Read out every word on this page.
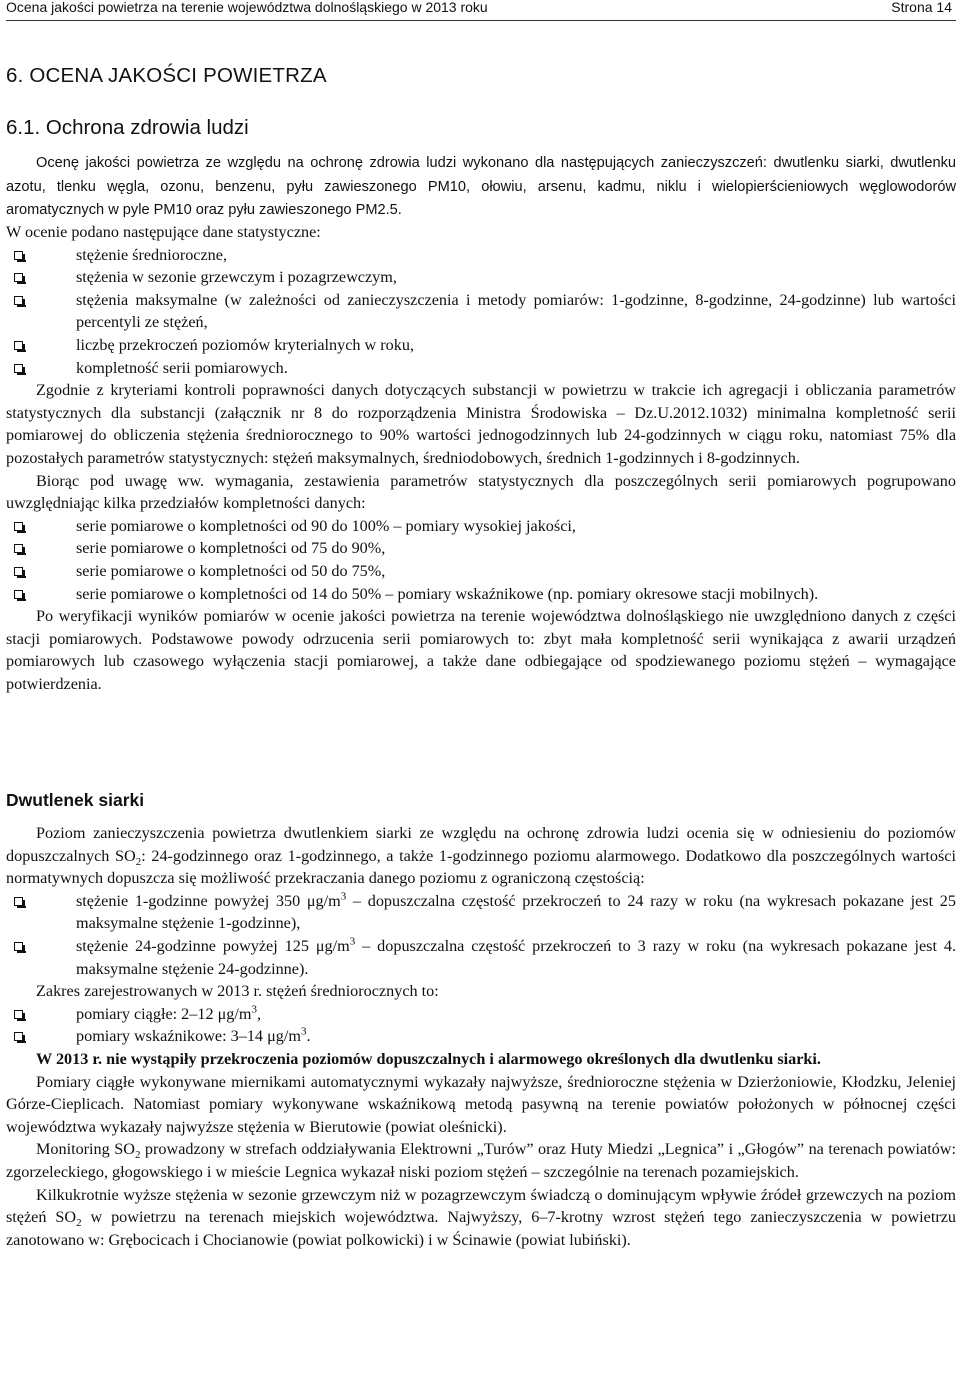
Ocena jakości powietrza na terenie województwa dolnośląskiego w 2013 roku	Strona 14
6. OCENA JAKOŚCI POWIETRZA
6.1. Ochrona zdrowia ludzi

Ocenę jakości powietrza ze względu na ochronę zdrowia ludzi wykonano dla następujących zanieczyszczeń: dwutlenku siarki, dwutlenku azotu, tlenku węgla, ozonu, benzenu, pyłu zawieszonego PM10, ołowiu, arsenu, kadmu, niklu i wielopierścieniowych węglowodorów aromatycznych w pyle PM10 oraz pyłu zawieszonego PM2.5.

W ocenie podano następujące dane statystyczne:

stężenie średnioroczne,
stężenia w sezonie grzewczym i pozagrzewczym,
stężenia maksymalne (w zależności od zanieczyszczenia i metody pomiarów: 1-godzinne, 8-godzinne, 24-godzinne) lub wartości percentyli ze stężeń,
liczbę przekroczeń poziomów kryterialnych w roku,
kompletność serii pomiarowych.

Zgodnie z kryteriami kontroli poprawności danych dotyczących substancji w powietrzu w trakcie ich agregacji i obliczania parametrów statystycznych dla substancji (załącznik nr 8 do rozporządzenia Ministra Środowiska – Dz.U.2012.1032) minimalna kompletność serii pomiarowej do obliczenia stężenia średniorocznego to 90% wartości jednogodzinnych lub 24-godzinnych w ciągu roku, natomiast 75% dla pozostałych parametrów statystycznych: stężeń maksymalnych, średniodobowych, średnich 1-godzinnych i 8-godzinnych.

Biorąc pod uwagę ww. wymagania, zestawienia parametrów statystycznych dla poszczególnych serii pomiarowych pogrupowano uwzględniając kilka przedziałów kompletności danych:

serie pomiarowe o kompletności od 90 do 100% – pomiary wysokiej jakości,
serie pomiarowe o kompletności od 75 do 90%,
serie pomiarowe o kompletności od 50 do 75%,
serie pomiarowe o kompletności od 14 do 50% – pomiary wskaźnikowe (np. pomiary okresowe stacji mobilnych).

Po weryfikacji wyników pomiarów w ocenie jakości powietrza na terenie województwa dolnośląskiego nie uwzględniono danych z części stacji pomiarowych. Podstawowe powody odrzucenia serii pomiarowych to: zbyt mała kompletność serii wynikająca z awarii urządzeń pomiarowych lub czasowego wyłączenia stacji pomiarowej, a także dane odbiegające od spodziewanego poziomu stężeń – wymagające potwierdzenia.

Dwutlenek siarki

Poziom zanieczyszczenia powietrza dwutlenkiem siarki ze względu na ochronę zdrowia ludzi ocenia się w odniesieniu do poziomów dopuszczalnych $SO_2$: 24-godzinnego oraz 1-godzinnego, a także 1-godzinnego poziomu alarmowego. Dodatkowo dla poszczególnych wartości normatywnych dopuszcza się możliwość przekraczania danego poziomu z ograniczoną częstością:

stężenie 1-godzinne powyżej 350 $\mu g/m^3$ – dopuszczalna częstość przekroczeń to 24 razy w roku (na wykresach pokazane jest 25 maksymalne stężenie 1-godzinne),
stężenie 24-godzinne powyżej 125 $\mu g/m^3$ – dopuszczalna częstość przekroczeń to 3 razy w roku (na wykresach pokazane jest 4. maksymalne stężenie 24-godzinne).

Zakres zarejestrowanych w 2013 r. stężeń średniorocznych to:

pomiary ciągłe: 2–12 $\mu g/m^3$,
pomiary wskaźnikowe: 3–14 $\mu g/m^3$.

W 2013 r. nie wystąpiły przekroczenia poziomów dopuszczalnych i alarmowego określonych dla dwutlenku siarki.

Pomiary ciągłe wykonywane miernikami automatycznymi wykazały najwyższe, średnioroczne stężenia w Dzierżoniowie, Kłodzku, Jeleniej Górze-Cieplicach. Natomiast pomiary wykonywane wskaźnikową metodą pasywną na terenie powiatów położonych w północnej części województwa wykazały najwyższe stężenia w Bierutowie (powiat oleśnicki).

Monitoring $SO_2$ prowadzony w strefach oddziaływania Elektrowni „Turów” oraz Huty Miedzi „Legnica” i „Głogów” na terenach powiatów: zgorzeleckiego, głogowskiego i w mieście Legnica wykazał niski poziom stężeń – szczególnie na terenach pozamiejskich.

Kilkukrotnie wyższe stężenia w sezonie grzewczym niż w pozagrzewczym świadczą o dominującym wpływie źródeł grzewczych na poziom stężeń $SO_2$ w powietrzu na terenach miejskich województwa. Najwyższy, 6–7-krotny wzrost stężeń tego zanieczyszczenia w powietrzu zanotowano w: Grębocicach i Chocianowie (powiat polkowicki) i w Ścinawie (powiat lubiński).
